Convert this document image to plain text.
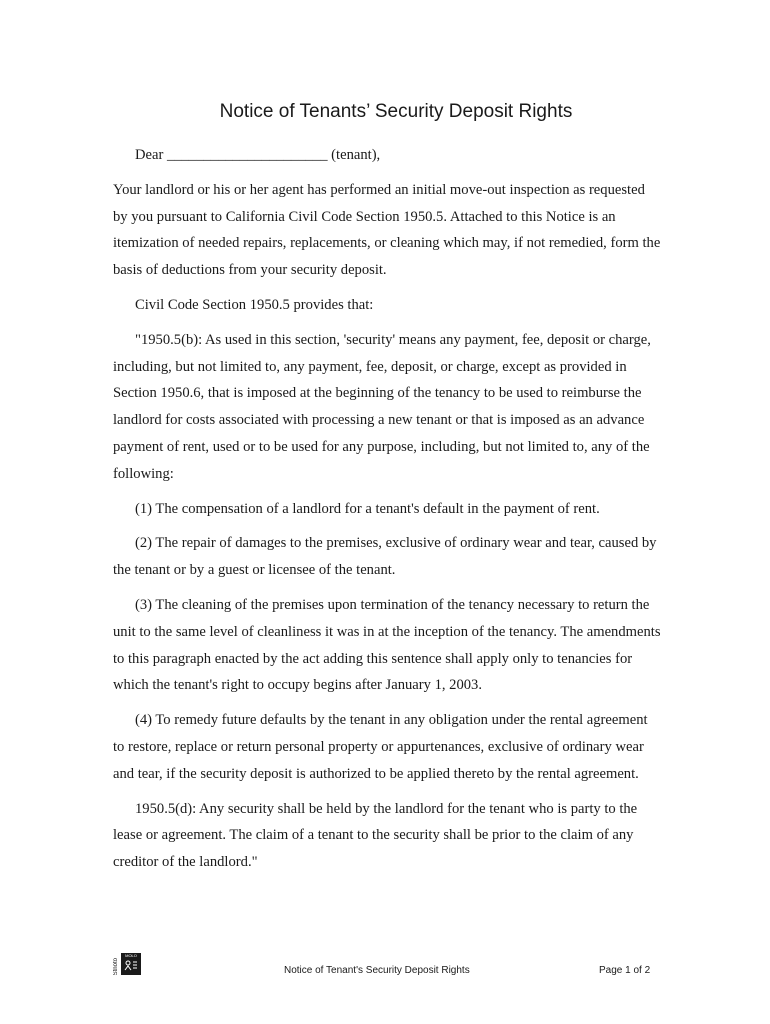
Notice of Tenants’ Security Deposit Rights

Dear ______________________ (tenant),

Your landlord or his or her agent has performed an initial move-out inspection as requested by you pursuant to California Civil Code Section 1950.5. Attached to this Notice is an itemization of needed repairs, replacements, or cleaning which may, if not remedied, form the basis of deductions from your security deposit.

Civil Code Section 1950.5 provides that:

"1950.5(b): As used in this section, 'security' means any payment, fee, deposit or charge, including, but not limited to, any payment, fee, deposit, or charge, except as provided in Section 1950.6, that is imposed at the beginning of the tenancy to be used to reimburse the landlord for costs associated with processing a new tenant or that is imposed as an advance payment of rent, used or to be used for any purpose, including, but not limited to, any of the following:

(1) The compensation of a landlord for a tenant's default in the payment of rent.

(2) The repair of damages to the premises, exclusive of ordinary wear and tear, caused by the tenant or by a guest or licensee of the tenant.

(3) The cleaning of the premises upon termination of the tenancy necessary to return the unit to the same level of cleanliness it was in at the inception of the tenancy. The amendments to this paragraph enacted by the act adding this sentence shall apply only to tenancies for which the tenant's right to occupy begins after January 1, 2003.

(4) To remedy future defaults by the tenant in any obligation under the rental agreement to restore, replace or return personal property or appurtenances, exclusive of ordinary wear and tear, if the security deposit is authorized to be applied thereto by the rental agreement.

1950.5(d): Any security shall be held by the landlord for the tenant who is party to the lease or agreement. The claim of a tenant to the security shall be prior to the claim of any creditor of the landlord."

Stnoto
MOLO
Notice of Tenant's Security Deposit Rights	Page 1 of 2
